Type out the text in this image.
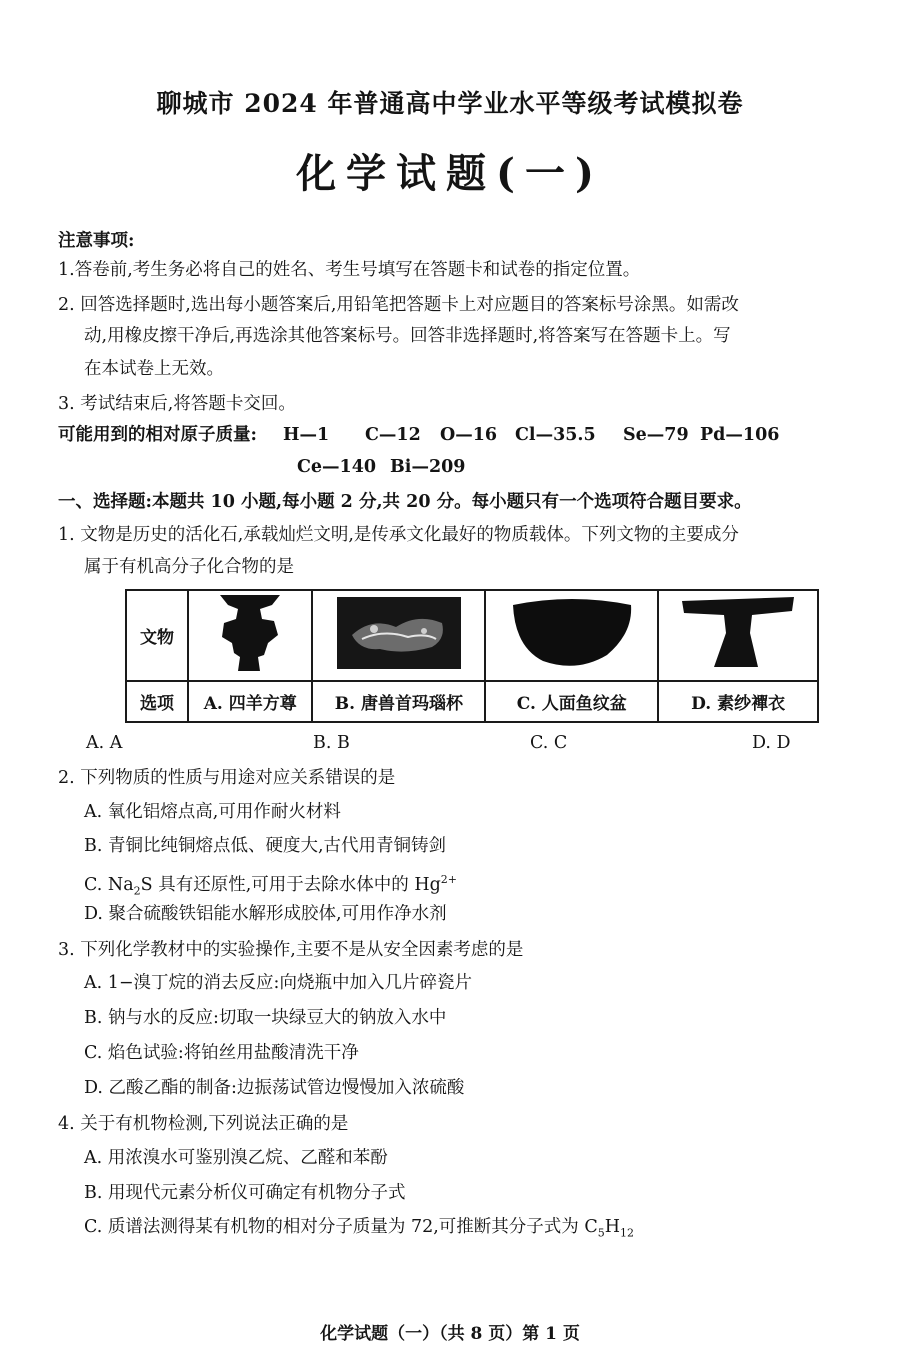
聊城市 2024 年普通高中学业水平等级考试模拟卷
化学试题(一)
注意事项:
1.答卷前,考生务必将自己的姓名、考生号填写在答题卡和试卷的指定位置。
2. 回答选择题时,选出每小题答案后,用铅笔把答题卡上对应题目的答案标号涂黑。如需改
动,用橡皮擦干净后,再选涂其他答案标号。回答非选择题时,将答案写在答题卡上。写
在本试卷上无效。
3. 考试结束后,将答题卡交回。
可能用到的相对原子质量: H—1 C—12 O—16 Cl—35.5 Se—79 Pd—106
Ce—140 Bi—209
一、选择题:本题共 10 小题,每小题 2 分,共 20 分。每小题只有一个选项符合题目要求。
1. 文物是历史的活化石,承载灿烂文明,是传承文化最好的物质载体。下列文物的主要成分
属于有机高分子化合物的是
文物				
选项	A. 四羊方尊	B. 唐兽首玛瑙杯	C. 人面鱼纹盆	D. 素纱襌衣
A. A	B. B	C. C	D. D
2. 下列物质的性质与用途对应关系错误的是
A. 氧化铝熔点高,可用作耐火材料
B. 青铜比纯铜熔点低、硬度大,古代用青铜铸剑
C. $Na_2S$ 具有还原性,可用于去除水体中的 $Hg^{2+}$
D. 聚合硫酸铁铝能水解形成胶体,可用作净水剂
3. 下列化学教材中的实验操作,主要不是从安全因素考虑的是
A. 1−溴丁烷的消去反应:向烧瓶中加入几片碎瓷片
B. 钠与水的反应:切取一块绿豆大的钠放入水中
C. 焰色试验:将铂丝用盐酸清洗干净
D. 乙酸乙酯的制备:边振荡试管边慢慢加入浓硫酸
4. 关于有机物检测,下列说法正确的是
A. 用浓溴水可鉴别溴乙烷、乙醛和苯酚
B. 用现代元素分析仪可确定有机物分子式
C. 质谱法测得某有机物的相对分子质量为 72,可推断其分子式为 $C_5H_{12}$
化学试题（一）（共 8 页）第 1 页
